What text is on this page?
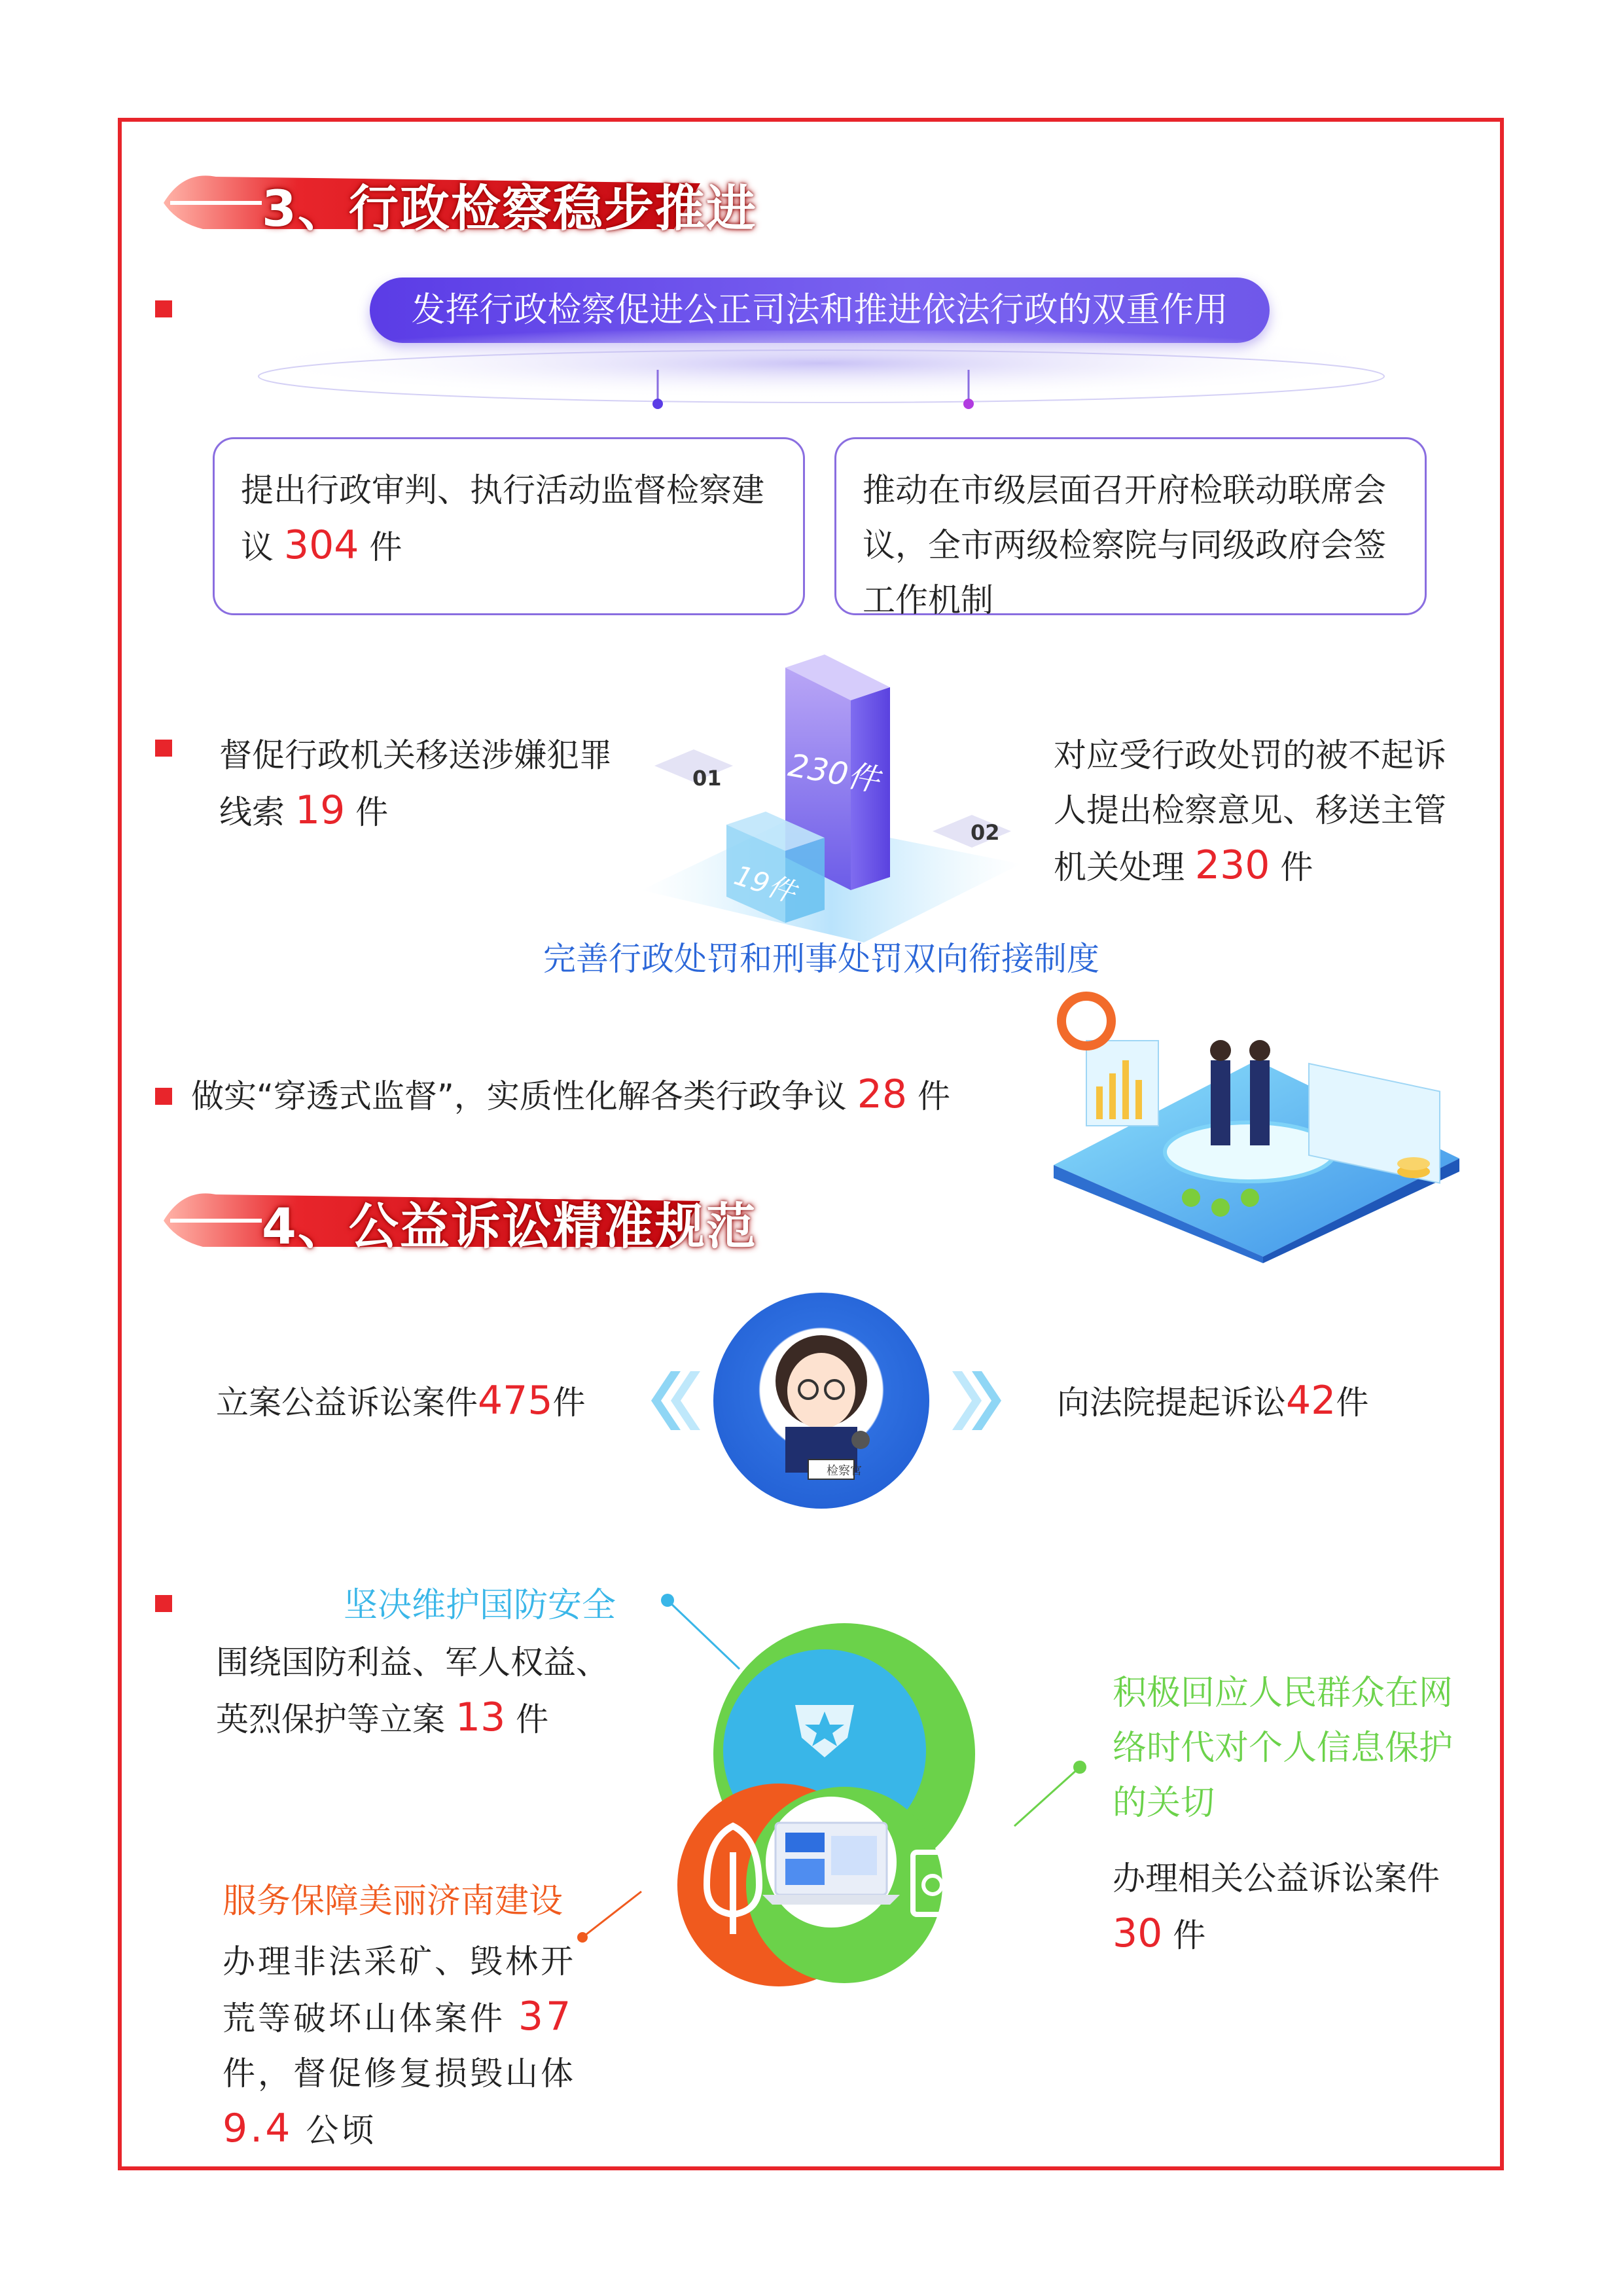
3、行政检察稳步推进
发挥行政检察促进公正司法和推进依法行政的双重作用
提出行政审判、执行活动监督检察建议 304 件
推动在市级层面召开府检联动联席会议，全市两级检察院与同级政府会签工作机制
督促行政机关移送涉嫌犯罪线索 19 件
01
02
230件
19件
对应受行政处罚的被不起诉人提出检察意见、移送主管机关处理 230 件
完善行政处罚和刑事处罚双向衔接制度
做实“穿透式监督”，实质性化解各类行政争议 28 件
4、公益诉讼精准规范
立案公益诉讼案件475件
检察官
向法院提起诉讼42件
坚决维护国防安全
围绕国防利益、军人权益、英烈保护等立案 13 件
积极回应人民群众在网络时代对个人信息保护的关切
办理相关公益诉讼案件 30 件
服务保障美丽济南建设
办理非法采矿、毁林开荒等破坏山体案件 37 件，督促修复损毁山体 9.4 公顷
